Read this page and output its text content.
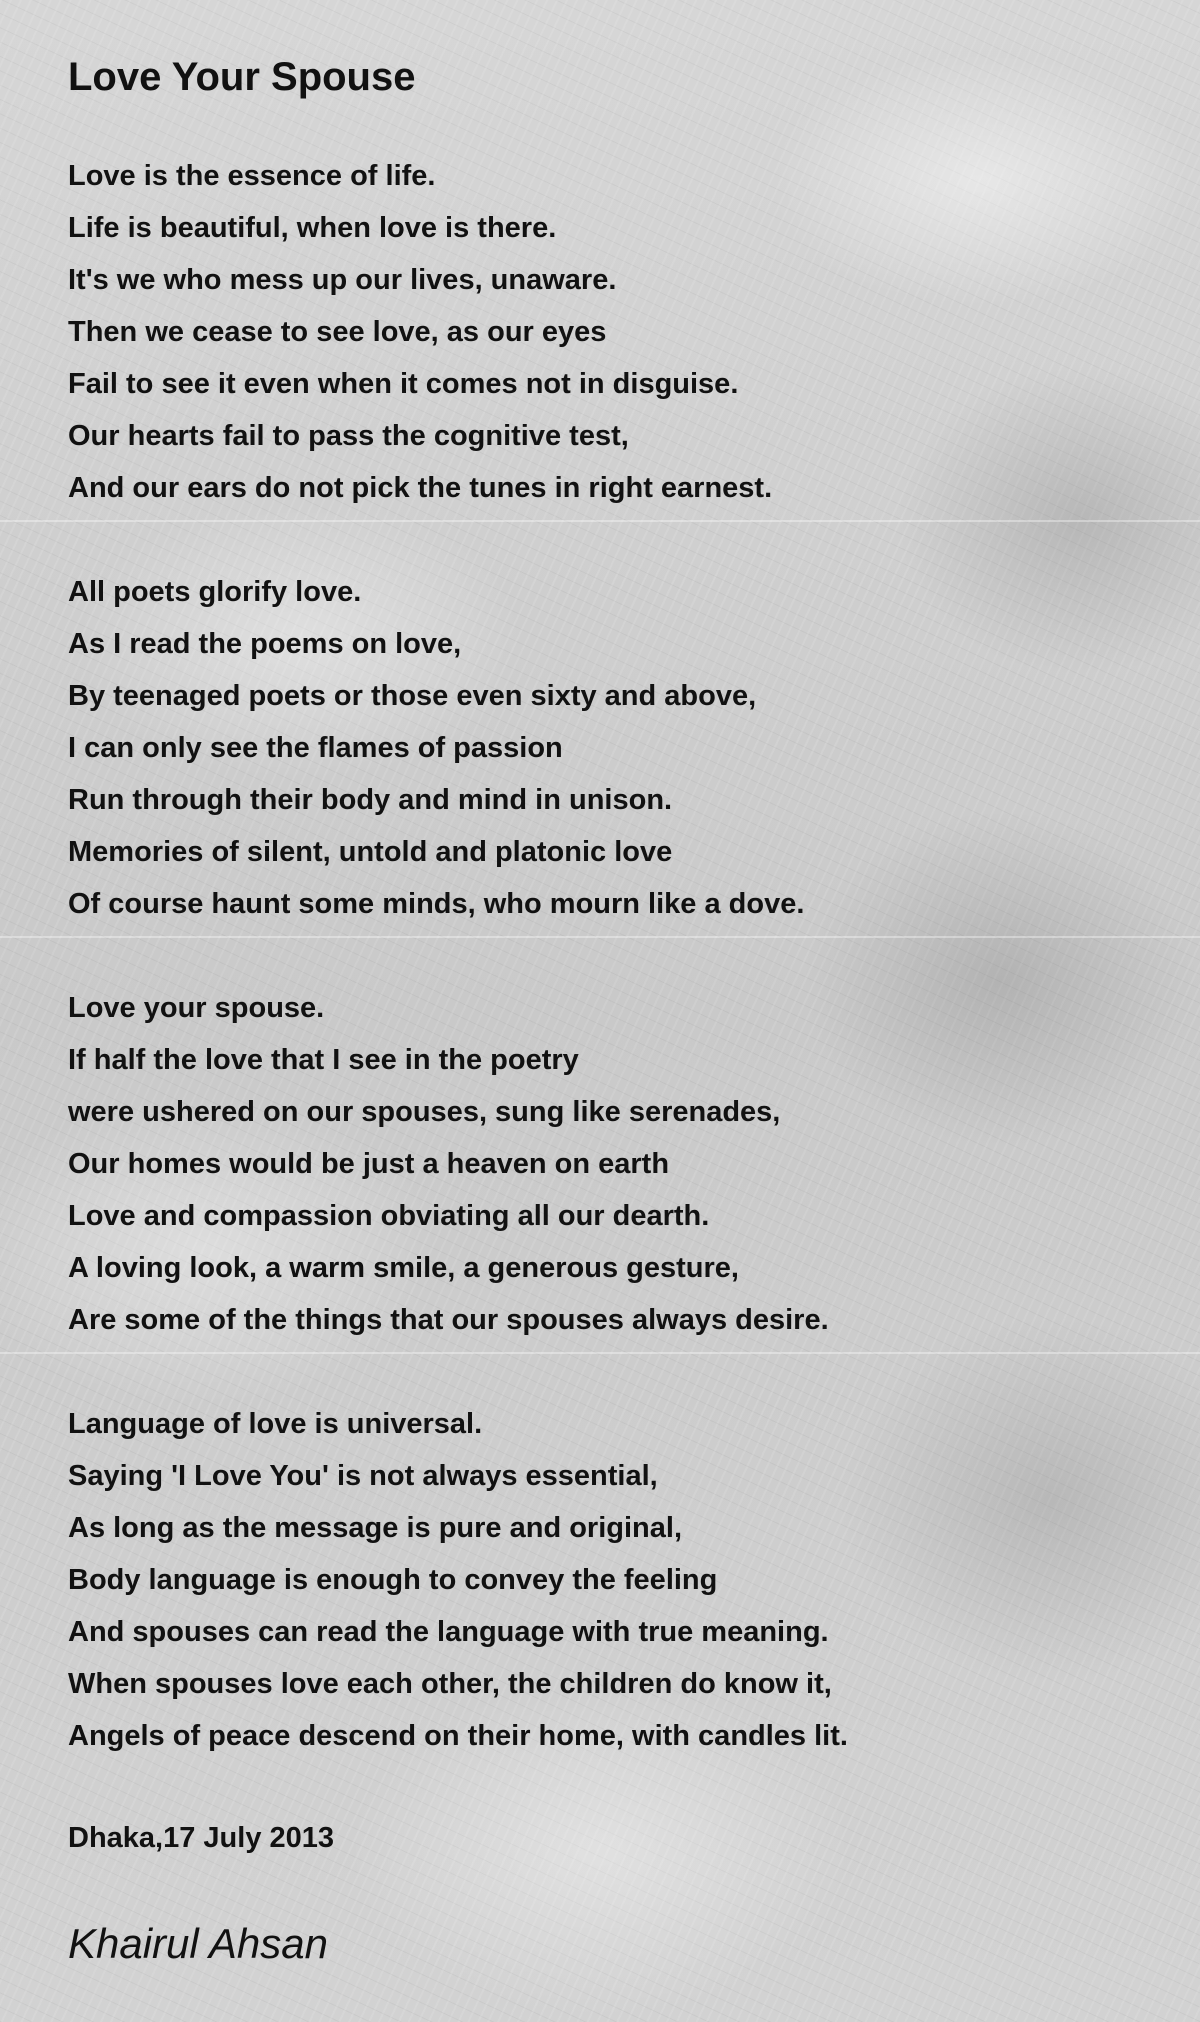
Love Your Spouse
Love is the essence of life.
Life is beautiful, when love is there.
It's we who mess up our lives, unaware.
Then we cease to see love, as our eyes
Fail to see it even when it comes not in disguise.
Our hearts fail to pass the cognitive test,
And our ears do not pick the tunes in right earnest.
All poets glorify love.
As I read the poems on love,
By teenaged poets or those even sixty and above,
I can only see the flames of passion
Run through their body and mind in unison.
Memories of silent, untold and platonic love
Of course haunt some minds, who mourn like a dove.
Love your spouse.
If half the love that I see in the poetry
were ushered on our spouses, sung like serenades,
Our homes would be just a heaven on earth
Love and compassion obviating all our dearth.
A loving look, a warm smile, a generous gesture,
Are some of the things that our spouses always desire.
Language of love is universal.
Saying 'I Love You' is not always essential,
As long as the message is pure and original,
Body language is enough to convey the feeling
And spouses can read the language with true meaning.
When spouses love each other, the children do know it,
Angels of peace descend on their home, with candles lit.
Dhaka,17 July 2013
Khairul Ahsan
